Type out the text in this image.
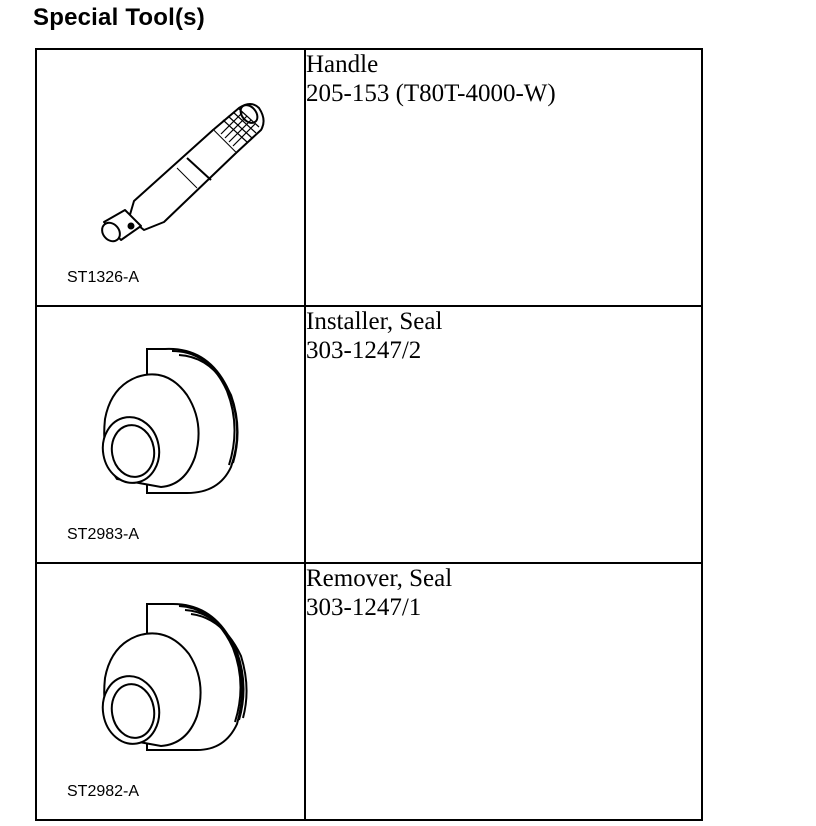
Special Tool(s)
ST1326-A	Handle
205-153 (T80T-4000-W)

ST2983-A	Installer, Seal
303-1247/2

ST2982-A	Remover, Seal
303-1247/1
